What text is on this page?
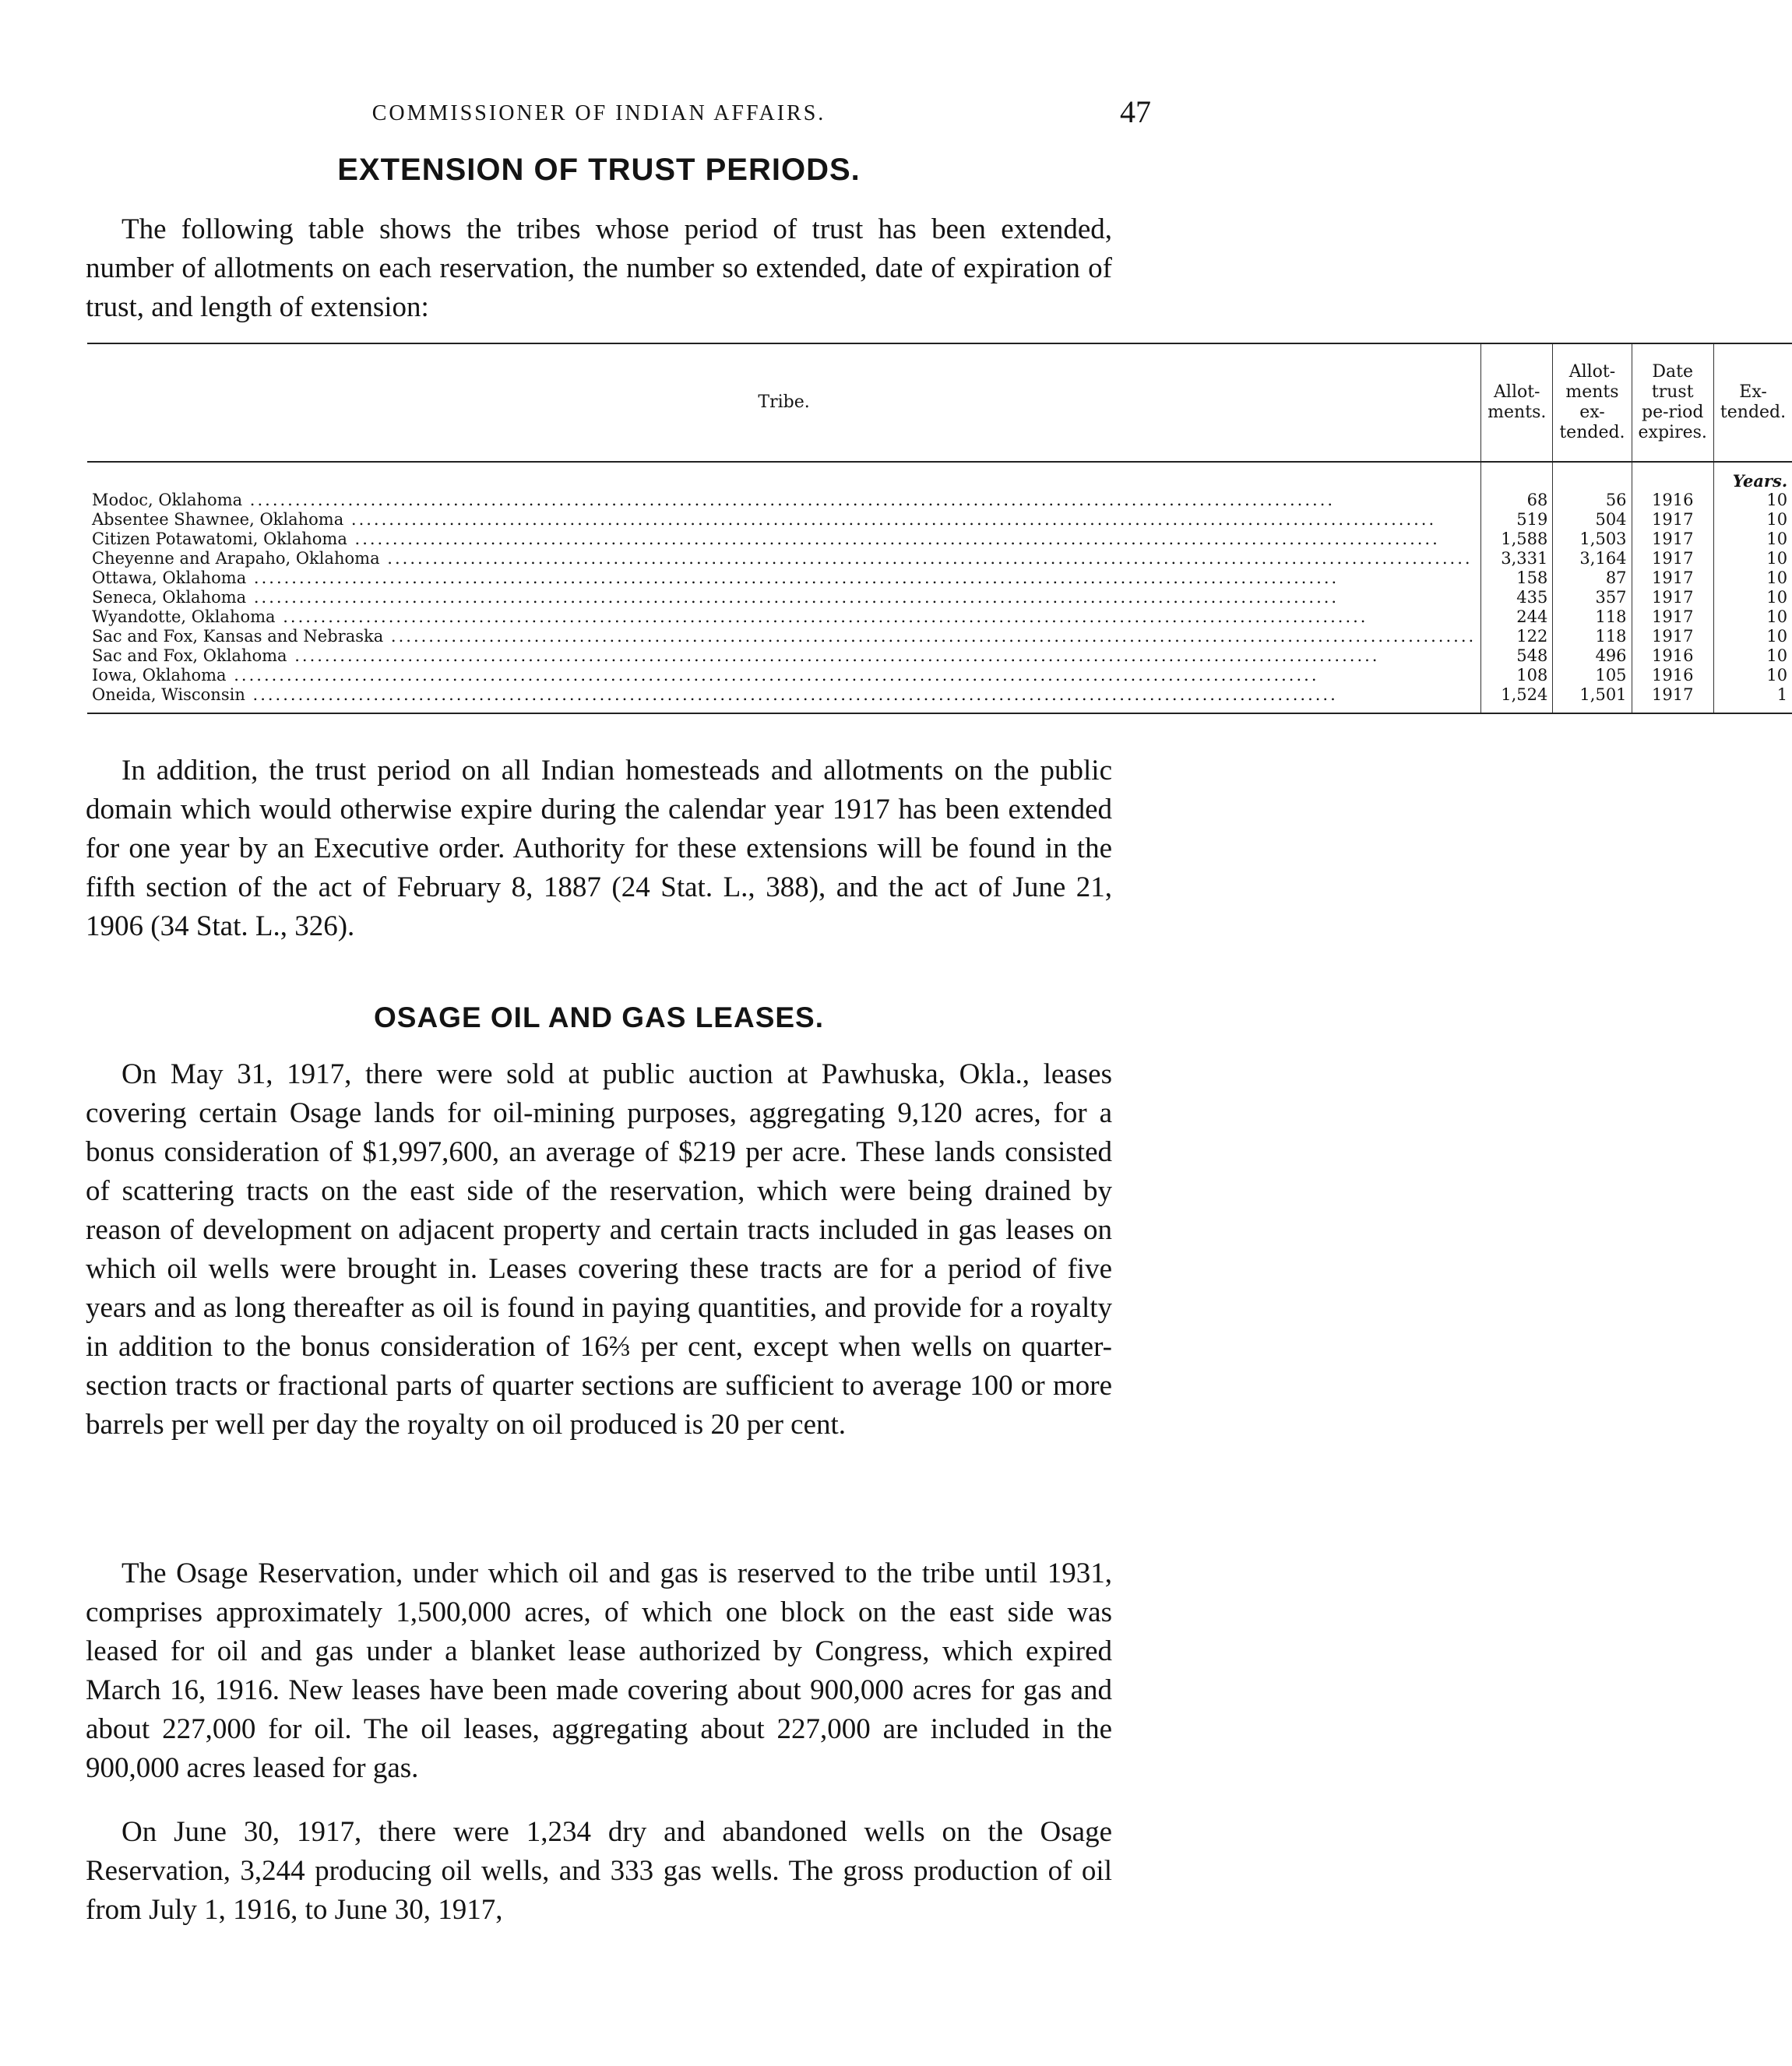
COMMISSIONER OF INDIAN AFFAIRS.	47
EXTENSION OF TRUST PERIODS.

The following table shows the tribes whose period of trust has been extended, number of allotments on each reservation, the number so extended, date of expiration of trust, and length of extension:

Tribe.	Allot-ments.	Allot-ments ex-tended.	Date trust pe-riod expires.	Ex-tended.
				Years.
Modoc, Oklahoma .....	68	56	1916	10
Absentee Shawnee, Oklahoma .....	519	504	1917	10
Citizen Potawatomi, Oklahoma .....	1,588	1,503	1917	10
Cheyenne and Arapaho, Oklahoma .....	3,331	3,164	1917	10
Ottawa, Oklahoma .....	158	87	1917	10
Seneca, Oklahoma .....	435	357	1917	10
Wyandotte, Oklahoma .....	244	118	1917	10
Sac and Fox, Kansas and Nebraska .....	122	118	1917	10
Sac and Fox, Oklahoma .....	548	496	1916	10
Iowa, Oklahoma .....	108	105	1916	10
Oneida, Wisconsin .....	1,524	1,501	1917	1

In addition, the trust period on all Indian homesteads and allotments on the public domain which would otherwise expire during the calendar year 1917 has been extended for one year by an Executive order. Authority for these extensions will be found in the fifth section of the act of February 8, 1887 (24 Stat. L., 388), and the act of June 21, 1906 (34 Stat. L., 326).

OSAGE OIL AND GAS LEASES.

On May 31, 1917, there were sold at public auction at Pawhuska, Okla., leases covering certain Osage lands for oil-mining purposes, aggregating 9,120 acres, for a bonus consideration of $1,997,600, an average of $219 per acre. These lands consisted of scattering tracts on the east side of the reservation, which were being drained by reason of development on adjacent property and certain tracts included in gas leases on which oil wells were brought in. Leases covering these tracts are for a period of five years and as long thereafter as oil is found in paying quantities, and provide for a royalty in addition to the bonus consideration of 16⅔ per cent, except when wells on quarter-section tracts or fractional parts of quarter sections are sufficient to average 100 or more barrels per well per day the royalty on oil produced is 20 per cent.

The Osage Reservation, under which oil and gas is reserved to the tribe until 1931, comprises approximately 1,500,000 acres, of which one block on the east side was leased for oil and gas under a blanket lease authorized by Congress, which expired March 16, 1916. New leases have been made covering about 900,000 acres for gas and about 227,000 for oil. The oil leases, aggregating about 227,000 are included in the 900,000 acres leased for gas.

On June 30, 1917, there were 1,234 dry and abandoned wells on the Osage Reservation, 3,244 producing oil wells, and 333 gas wells. The gross production of oil from July 1, 1916, to June 30, 1917,
